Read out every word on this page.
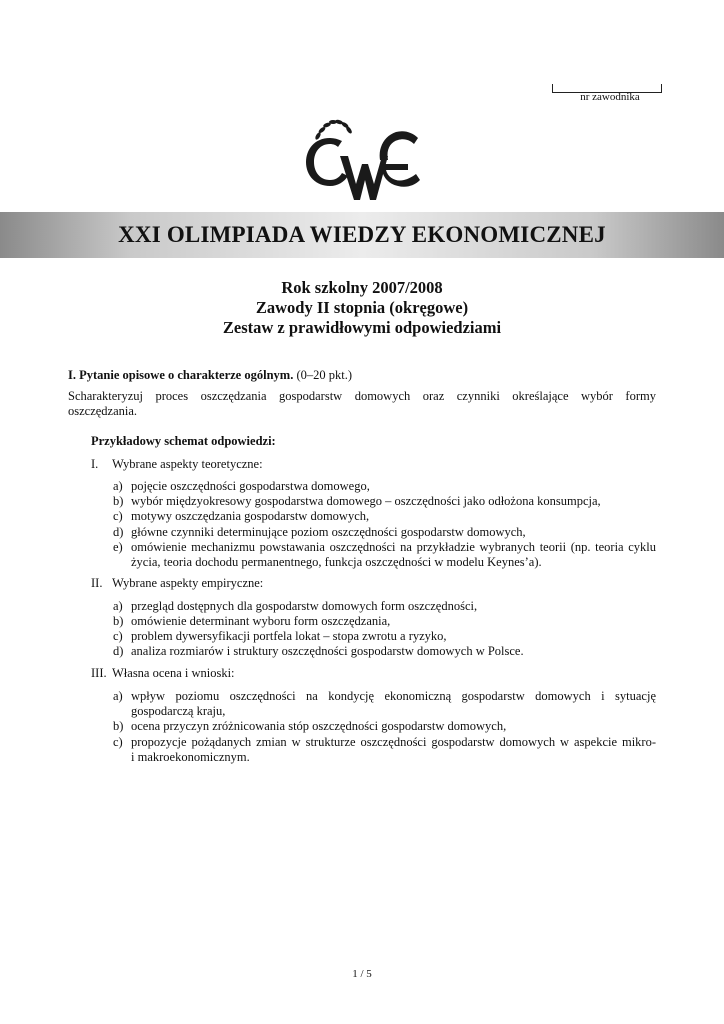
nr zawodnika
XXI OLIMPIADA WIEDZY EKONOMICZNEJ
Rok szkolny 2007/2008
Zawody II stopnia (okręgowe)
Zestaw z prawidłowymi odpowiedziami
I. Pytanie opisowe o charakterze ogólnym. (0–20 pkt.)
Scharakteryzuj proces oszczędzania gospodarstw domowych oraz czynniki określające wybór formy
oszczędzania.
Przykładowy schemat odpowiedzi:
I. Wybrane aspekty teoretyczne:
a) pojęcie oszczędności gospodarstwa domowego,
b) wybór międzyokresowy gospodarstwa domowego – oszczędności jako odłożona konsumpcja,
c) motywy oszczędzania gospodarstw domowych,
d) główne czynniki determinujące poziom oszczędności gospodarstw domowych,
e) omówienie mechanizmu powstawania oszczędności na przykładzie wybranych teorii (np. teoria cyklu
życia, teoria dochodu permanentnego, funkcja oszczędności w modelu Keynes’a).
II. Wybrane aspekty empiryczne:
a) przegląd dostępnych dla gospodarstw domowych form oszczędności,
b) omówienie determinant wyboru form oszczędzania,
c) problem dywersyfikacji portfela lokat – stopa zwrotu a ryzyko,
d) analiza rozmiarów i struktury oszczędności gospodarstw domowych w Polsce.
III. Własna ocena i wnioski:
a) wpływ poziomu oszczędności na kondycję ekonomiczną gospodarstw domowych i sytuację
gospodarczą kraju,
b) ocena przyczyn zróżnicowania stóp oszczędności gospodarstw domowych,
c) propozycje pożądanych zmian w strukturze oszczędności gospodarstw domowych w aspekcie mikro-
i makroekonomicznym.
1 / 5
